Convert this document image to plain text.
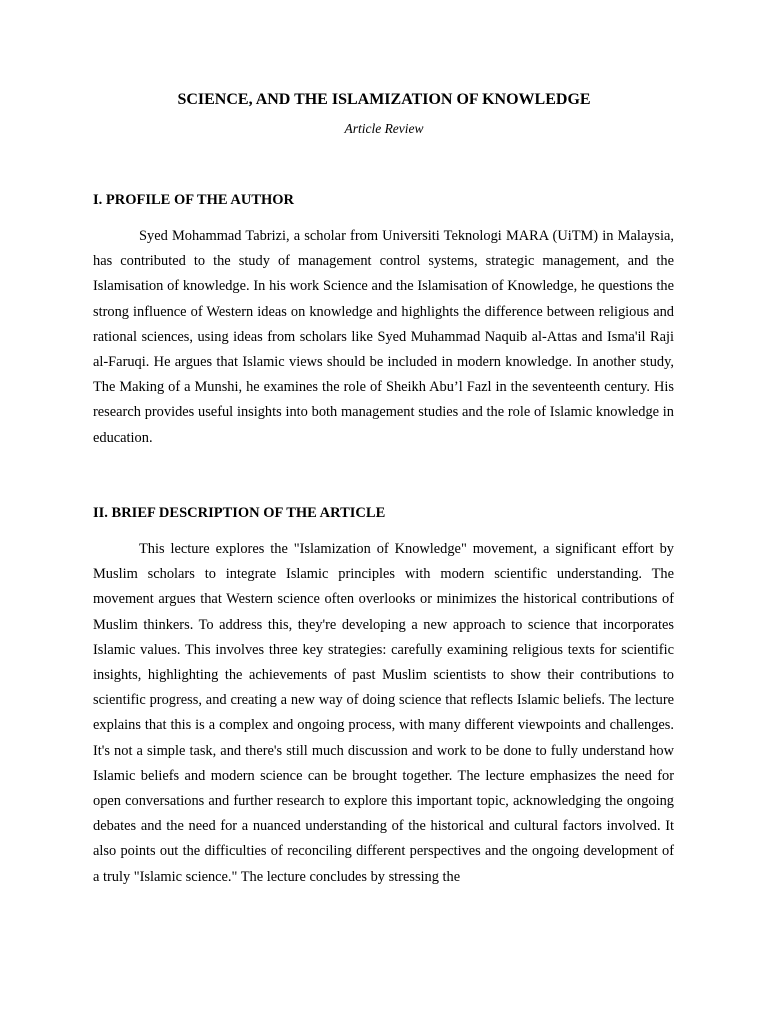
SCIENCE, AND THE ISLAMIZATION OF KNOWLEDGE
Article Review
I. PROFILE OF THE AUTHOR

Syed Mohammad Tabrizi, a scholar from Universiti Teknologi MARA (UiTM) in Malaysia, has contributed to the study of management control systems, strategic management, and the Islamisation of knowledge. In his work Science and the Islamisation of Knowledge, he questions the strong influence of Western ideas on knowledge and highlights the difference between religious and rational sciences, using ideas from scholars like Syed Muhammad Naquib al-Attas and Isma'il Raji al-Faruqi. He argues that Islamic views should be included in modern knowledge. In another study, The Making of a Munshi, he examines the role of Sheikh Abu’l Fazl in the seventeenth century. His research provides useful insights into both management studies and the role of Islamic knowledge in education.

II. BRIEF DESCRIPTION OF THE ARTICLE

This lecture explores the "Islamization of Knowledge" movement, a significant effort by Muslim scholars to integrate Islamic principles with modern scientific understanding. The movement argues that Western science often overlooks or minimizes the historical contributions of Muslim thinkers. To address this, they're developing a new approach to science that incorporates Islamic values. This involves three key strategies: carefully examining religious texts for scientific insights, highlighting the achievements of past Muslim scientists to show their contributions to scientific progress, and creating a new way of doing science that reflects Islamic beliefs. The lecture explains that this is a complex and ongoing process, with many different viewpoints and challenges. It's not a simple task, and there's still much discussion and work to be done to fully understand how Islamic beliefs and modern science can be brought together. The lecture emphasizes the need for open conversations and further research to explore this important topic, acknowledging the ongoing debates and the need for a nuanced understanding of the historical and cultural factors involved. It also points out the difficulties of reconciling different perspectives and the ongoing development of a truly "Islamic science." The lecture concludes by stressing the
